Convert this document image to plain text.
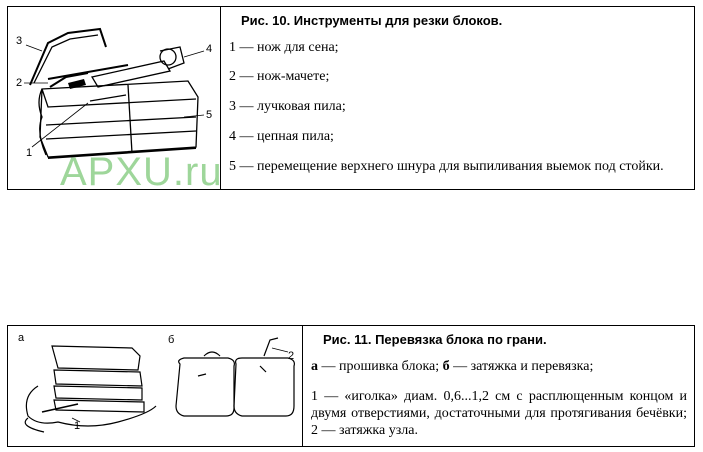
3
2
4
5
1
Рис. 10. Инструменты для резки блоков.
1 — нож для сена;
2 — нож-мачете;
3 — лучковая пила;
4 — цепная пила;
5 — перемещение верхнего шнура для выпиливания выемок под стойки.
APXU.ru
а	б
1
2
Рис. 11. Перевязка блока по грани.
а — прошивка блока; б — затяжка и перевязка;
1 — «иголка» диам. 0,6...1,2 см с расплющенным концом и двумя отверстиями, достаточными для протягивания бечёвки; 2 — затяжка узла.
